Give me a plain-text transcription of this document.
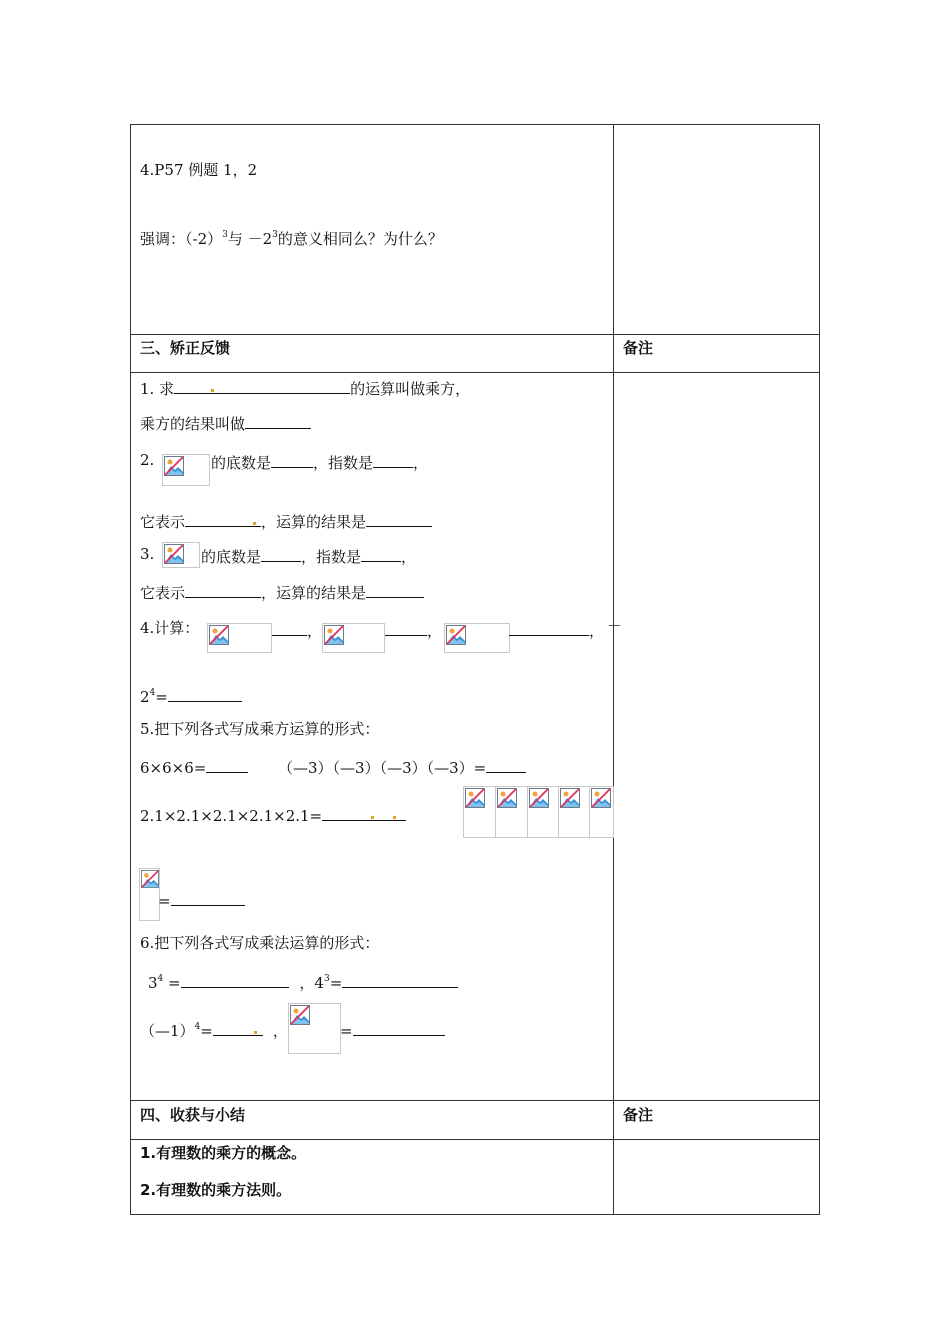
4.P57 例题 1，2
强调：$(-2)^3$与 $-2^3$的意义相同么？为什么？
三、矫正反馈	备注
1. 求	的运算叫做乘方，
乘方的结果叫做
2.	的底数是	，指数是	，
它表示	，运算的结果是
3.	的底数是	，指数是	，
它表示	，运算的结果是
4.计算：	，	，	， －
$2^4=$
5.把下列各式写成乘方运算的形式：
6×6×6=	（—3）（—3）（—3）（—3）=
2.1×2.1×2.1×2.1×2.1=
=
6.把下列各式写成乘法运算的形式：
$3^4$ =	，$4^3=$
（—1）$^4$=	，	=
四、收获与小结	备注
1.有理数的乘方的概念。
2.有理数的乘方法则。
